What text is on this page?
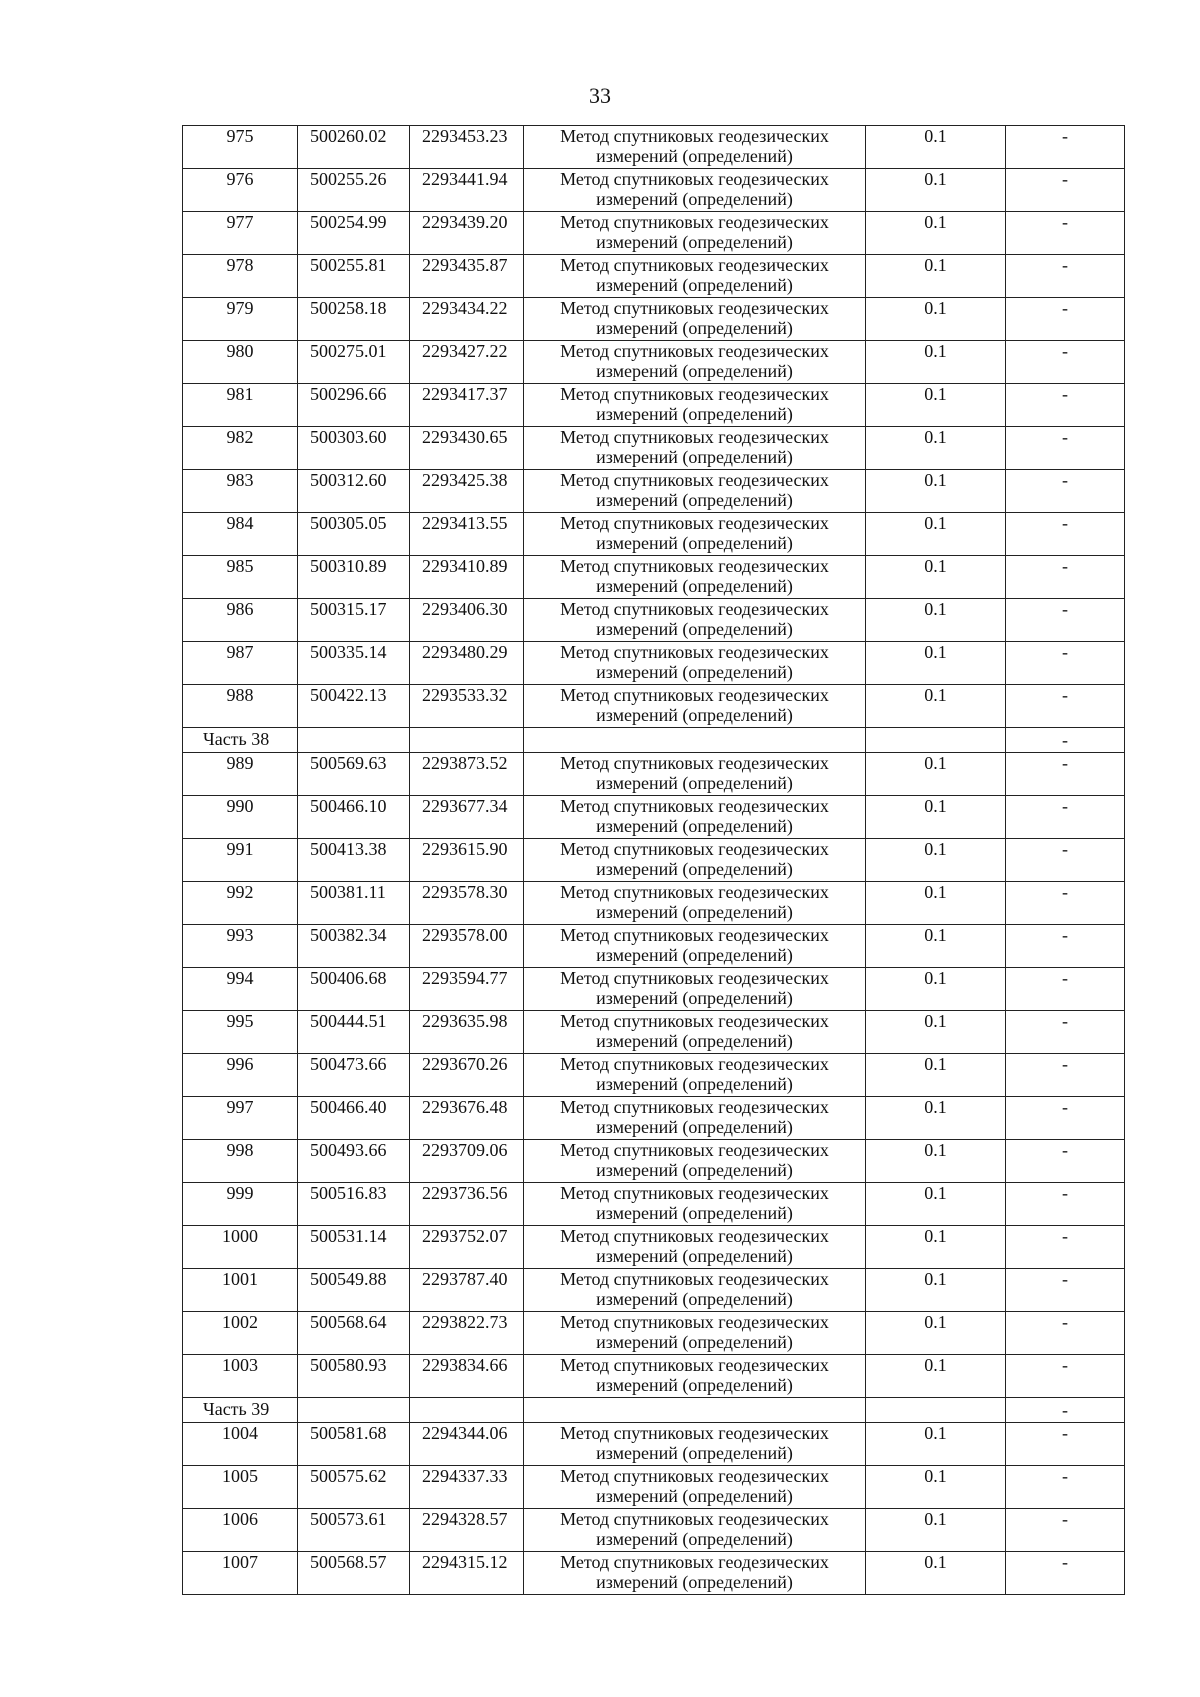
33
975	500260.02	2293453.23	Метод спутниковых геодезических
измерений (определений)	0.1	-
976	500255.26	2293441.94	Метод спутниковых геодезических
измерений (определений)	0.1	-
977	500254.99	2293439.20	Метод спутниковых геодезических
измерений (определений)	0.1	-
978	500255.81	2293435.87	Метод спутниковых геодезических
измерений (определений)	0.1	-
979	500258.18	2293434.22	Метод спутниковых геодезических
измерений (определений)	0.1	-
980	500275.01	2293427.22	Метод спутниковых геодезических
измерений (определений)	0.1	-
981	500296.66	2293417.37	Метод спутниковых геодезических
измерений (определений)	0.1	-
982	500303.60	2293430.65	Метод спутниковых геодезических
измерений (определений)	0.1	-
983	500312.60	2293425.38	Метод спутниковых геодезических
измерений (определений)	0.1	-
984	500305.05	2293413.55	Метод спутниковых геодезических
измерений (определений)	0.1	-
985	500310.89	2293410.89	Метод спутниковых геодезических
измерений (определений)	0.1	-
986	500315.17	2293406.30	Метод спутниковых геодезических
измерений (определений)	0.1	-
987	500335.14	2293480.29	Метод спутниковых геодезических
измерений (определений)	0.1	-
988	500422.13	2293533.32	Метод спутниковых геодезических
измерений (определений)	0.1	-
Часть 38					-
989	500569.63	2293873.52	Метод спутниковых геодезических
измерений (определений)	0.1	-
990	500466.10	2293677.34	Метод спутниковых геодезических
измерений (определений)	0.1	-
991	500413.38	2293615.90	Метод спутниковых геодезических
измерений (определений)	0.1	-
992	500381.11	2293578.30	Метод спутниковых геодезических
измерений (определений)	0.1	-
993	500382.34	2293578.00	Метод спутниковых геодезических
измерений (определений)	0.1	-
994	500406.68	2293594.77	Метод спутниковых геодезических
измерений (определений)	0.1	-
995	500444.51	2293635.98	Метод спутниковых геодезических
измерений (определений)	0.1	-
996	500473.66	2293670.26	Метод спутниковых геодезических
измерений (определений)	0.1	-
997	500466.40	2293676.48	Метод спутниковых геодезических
измерений (определений)	0.1	-
998	500493.66	2293709.06	Метод спутниковых геодезических
измерений (определений)	0.1	-
999	500516.83	2293736.56	Метод спутниковых геодезических
измерений (определений)	0.1	-
1000	500531.14	2293752.07	Метод спутниковых геодезических
измерений (определений)	0.1	-
1001	500549.88	2293787.40	Метод спутниковых геодезических
измерений (определений)	0.1	-
1002	500568.64	2293822.73	Метод спутниковых геодезических
измерений (определений)	0.1	-
1003	500580.93	2293834.66	Метод спутниковых геодезических
измерений (определений)	0.1	-
Часть 39					-
1004	500581.68	2294344.06	Метод спутниковых геодезических
измерений (определений)	0.1	-
1005	500575.62	2294337.33	Метод спутниковых геодезических
измерений (определений)	0.1	-
1006	500573.61	2294328.57	Метод спутниковых геодезических
измерений (определений)	0.1	-
1007	500568.57	2294315.12	Метод спутниковых геодезических
измерений (определений)	0.1	-
